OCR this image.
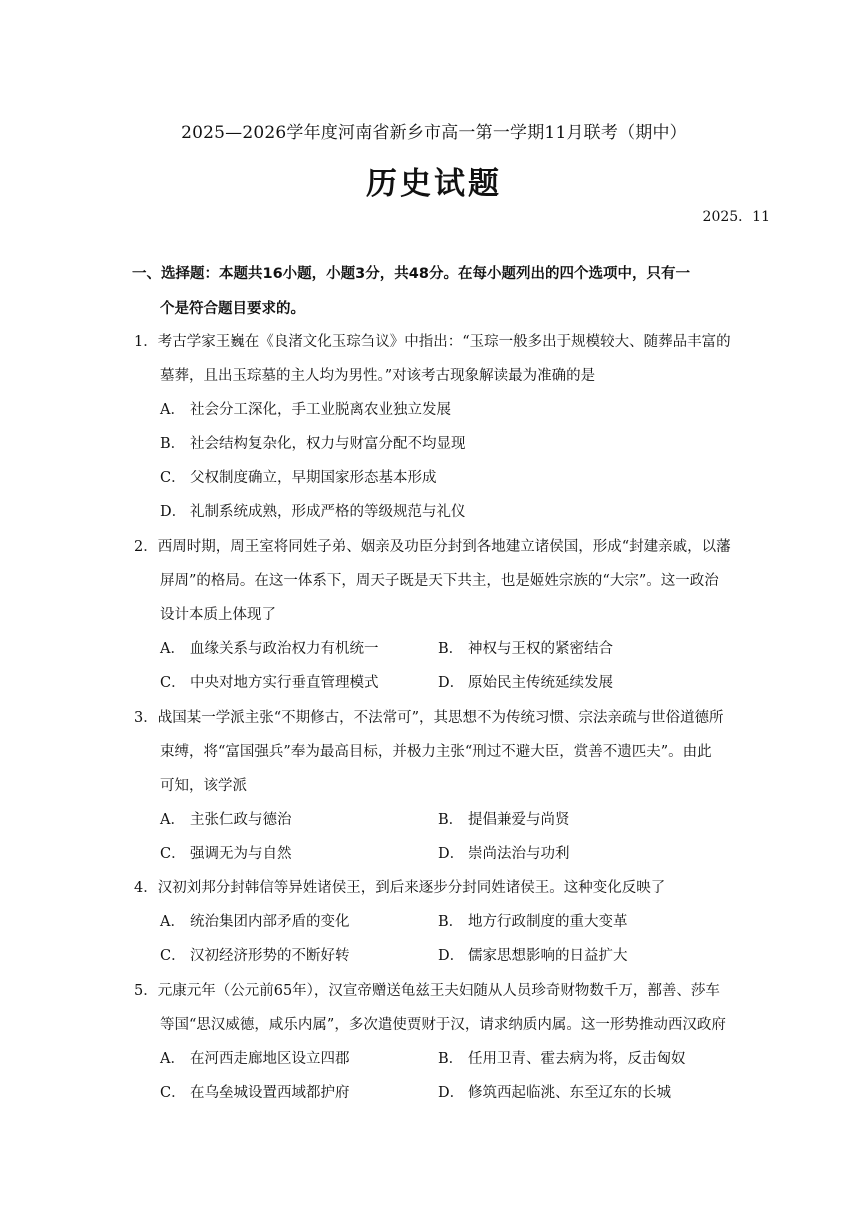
2025—2026学年度河南省新乡市高一第一学期11月联考（期中）
历史试题
2025．11
一、选择题：本题共16小题，小题3分，共48分。在每小题列出的四个选项中，只有一
个是符合题目要求的。
1．考古学家王巍在《良渚文化玉琮刍议》中指出：“玉琮一般多出于规模较大、随葬品丰富的
墓葬，且出玉琮墓的主人均为男性。”对该考古现象解读最为准确的是
A． 社会分工深化，手工业脱离农业独立发展
B． 社会结构复杂化，权力与财富分配不均显现
C． 父权制度确立，早期国家形态基本形成
D． 礼制系统成熟，形成严格的等级规范与礼仪
2．西周时期，周王室将同姓子弟、姻亲及功臣分封到各地建立诸侯国，形成“封建亲戚，以藩
屏周”的格局。在这一体系下，周天子既是天下共主，也是姬姓宗族的“大宗”。这一政治
设计本质上体现了
A． 血缘关系与政治权力有机统一	B． 神权与王权的紧密结合
C． 中央对地方实行垂直管理模式	D． 原始民主传统延续发展
3．战国某一学派主张“不期修古，不法常可”，其思想不为传统习惯、宗法亲疏与世俗道德所
束缚，将“富国强兵”奉为最高目标，并极力主张“刑过不避大臣，赏善不遗匹夫”。由此
可知，该学派
A． 主张仁政与德治	B． 提倡兼爱与尚贤
C． 强调无为与自然	D． 崇尚法治与功利
4．汉初刘邦分封韩信等异姓诸侯王，到后来逐步分封同姓诸侯王。这种变化反映了
A． 统治集团内部矛盾的变化	B． 地方行政制度的重大变革
C． 汉初经济形势的不断好转	D． 儒家思想影响的日益扩大
5．元康元年（公元前65年），汉宣帝赠送龟兹王夫妇随从人员珍奇财物数千万，鄯善、莎车
等国“思汉威德，咸乐内属”，多次遣使贾财于汉，请求纳质内属。这一形势推动西汉政府
A． 在河西走廊地区设立四郡	B． 任用卫青、霍去病为将，反击匈奴
C． 在乌垒城设置西域都护府	D． 修筑西起临洮、东至辽东的长城
